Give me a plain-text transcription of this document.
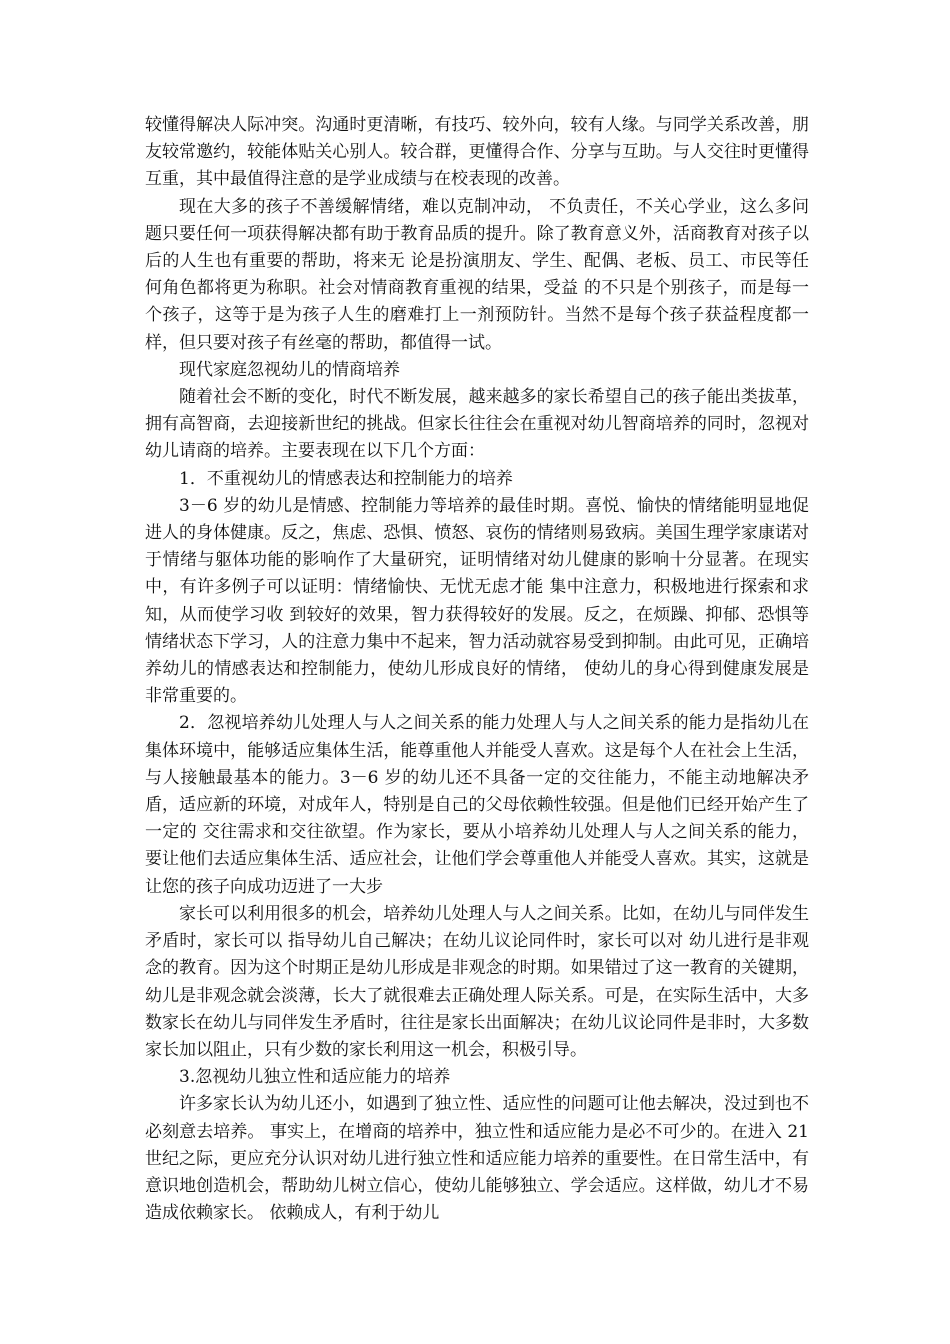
较懂得解决人际冲突。沟通时更清晰，有技巧、较外向，较有人缘。与同学关系改善，朋友较常邀约，较能体贴关心别人。较合群，更懂得合作、分享与互助。与人交往时更懂得互重，其中最值得注意的是学业成绩与在校表现的改善。

现在大多的孩子不善缓解情绪，难以克制冲动， 不负责任，不关心学业，这么多问题只要任何一项获得解决都有助于教育品质的提升。除了教育意义外，活商教育对孩子以后的人生也有重要的帮助，将来无 论是扮演朋友、学生、配偶、老板、员工、市民等任何角色都将更为称职。社会对情商教育重视的结果，受益 的不只是个别孩子，而是每一个孩子，这等于是为孩子人生的磨难打上一剂预防针。当然不是每个孩子获益程度都一样，但只要对孩子有丝毫的帮助，都值得一试。

现代家庭忽视幼儿的情商培养

随着社会不断的变化，时代不断发展，越来越多的家长希望自己的孩子能出类拔革，拥有高智商，去迎接新世纪的挑战。但家长往往会在重视对幼儿智商培养的同时，忽视对幼儿请商的培养。主要表现在以下几个方面：

1．不重视幼儿的情感表达和控制能力的培养

3－6 岁的幼儿是情感、控制能力等培养的最佳时期。喜悦、愉快的情绪能明显地促进人的身体健康。反之，焦虑、恐惧、愤怒、哀伤的情绪则易致病。美国生理学家康诺对于情绪与躯体功能的影响作了大量研究，证明情绪对幼儿健康的影响十分显著。在现实中，有许多例子可以证明：情绪愉快、无忧无虑才能 集中注意力，积极地进行探索和求知，从而使学习收 到较好的效果，智力获得较好的发展。反之，在烦躁、抑郁、恐惧等情绪状态下学习，人的注意力集中不起来，智力活动就容易受到抑制。由此可见，正确培养幼儿的情感表达和控制能力，使幼儿形成良好的情绪， 使幼儿的身心得到健康发展是非常重要的。

2．忽视培养幼儿处理人与人之间关系的能力处理人与人之间关系的能力是指幼儿在集体环境中，能够适应集体生活，能尊重他人并能受人喜欢。这是每个人在社会上生活，与人接触最基本的能力。3－6 岁的幼儿还不具备一定的交往能力，不能主动地解决矛盾，适应新的环境，对成年人，特别是自己的父母依赖性较强。但是他们已经开始产生了一定的 交往需求和交往欲望。作为家长，要从小培养幼儿处理人与人之间关系的能力，要让他们去适应集体生活、适应社会，让他们学会尊重他人并能受人喜欢。其实，这就是让您的孩子向成功迈进了一大步

家长可以利用很多的机会，培养幼儿处理人与人之间关系。比如，在幼儿与同伴发生矛盾时，家长可以 指导幼儿自己解决；在幼儿议论同件时，家长可以对 幼儿进行是非观念的教育。因为这个时期正是幼儿形成是非观念的时期。如果错过了这一教育的关键期， 幼儿是非观念就会淡薄，长大了就很难去正确处理人际关系。可是，在实际生活中，大多数家长在幼儿与同伴发生矛盾时，往往是家长出面解决；在幼儿议论同件是非时，大多数家长加以阻止，只有少数的家长利用这一机会，积极引导。

3.忽视幼儿独立性和适应能力的培养

许多家长认为幼儿还小，如遇到了独立性、适应性的问题可让他去解决，没过到也不必刻意去培养。 事实上，在增商的培养中，独立性和适应能力是必不可少的。在进入 21 世纪之际，更应充分认识对幼儿进行独立性和适应能力培养的重要性。在日常生活中，有意识地创造机会，帮助幼儿树立信心，使幼儿能够独立、学会适应。这样做，幼儿才不易造成依赖家长。 依赖成人，有利于幼儿
